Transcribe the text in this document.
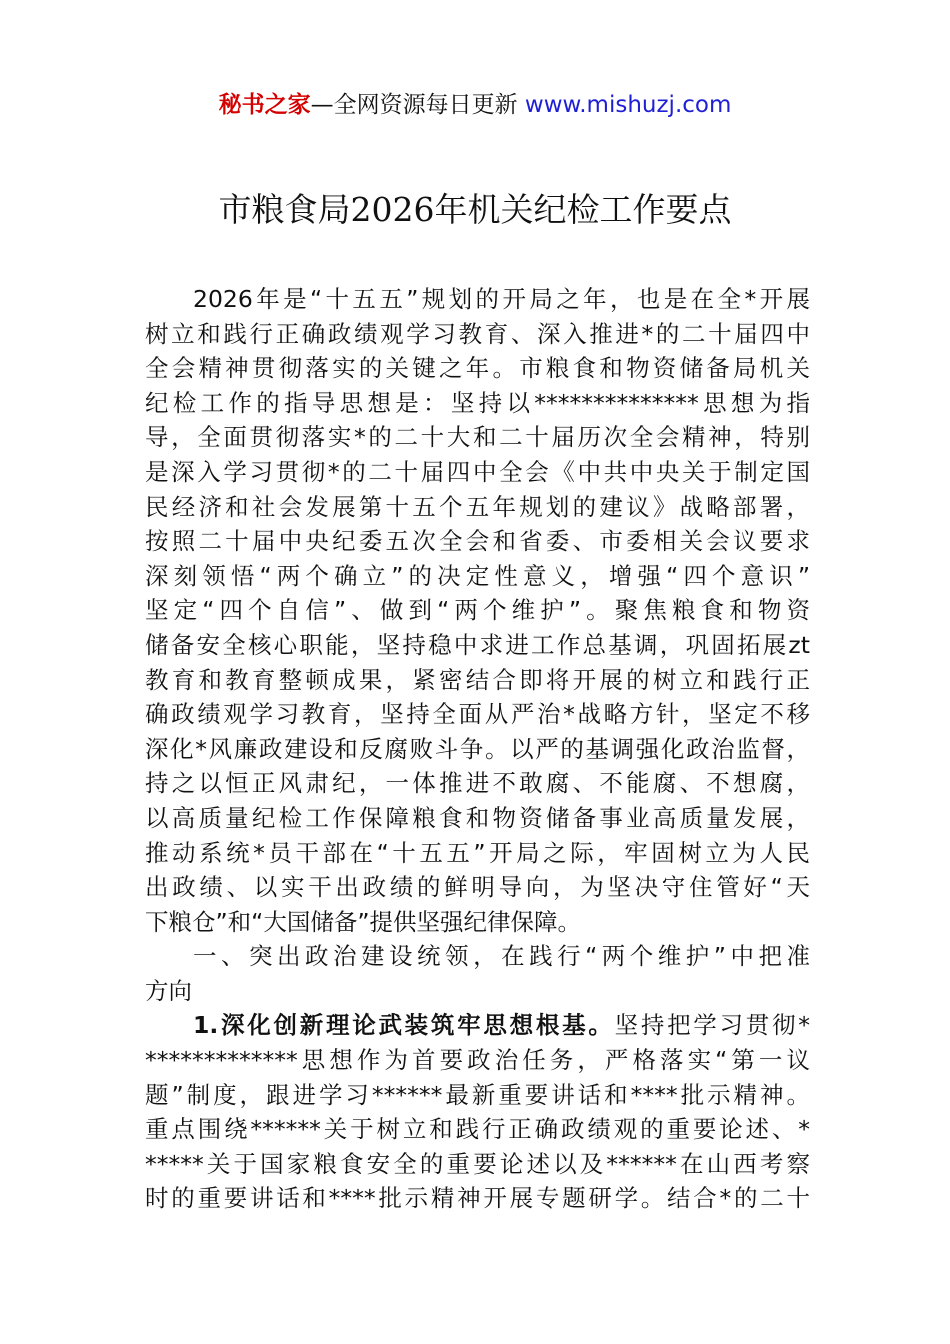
秘书之家—全网资源每日更新 www.mishuzj.com
市粮食局2026年机关纪检工作要点
2026年是“十五五”规划的开局之年，也是在全*开展
树立和践行正确政绩观学习教育、深入推进*的二十届四中
全会精神贯彻落实的关键之年。市粮食和物资储备局机关
纪检工作的指导思想是：坚持以**************思想为指
导，全面贯彻落实*的二十大和二十届历次全会精神，特别
是深入学习贯彻*的二十届四中全会《中共中央关于制定国
民经济和社会发展第十五个五年规划的建议》战略部署，
按照二十届中央纪委五次全会和省委、市委相关会议要求
深刻领悟“两个确立”的决定性意义，增强“四个意识”
坚定“四个自信”、做到“两个维护”。聚焦粮食和物资
储备安全核心职能，坚持稳中求进工作总基调，巩固拓展zt
教育和教育整顿成果，紧密结合即将开展的树立和践行正
确政绩观学习教育，坚持全面从严治*战略方针，坚定不移
深化*风廉政建设和反腐败斗争。以严的基调强化政治监督，
持之以恒正风肃纪，一体推进不敢腐、不能腐、不想腐，
以高质量纪检工作保障粮食和物资储备事业高质量发展，
推动系统*员干部在“十五五”开局之际，牢固树立为人民
出政绩、以实干出政绩的鲜明导向，为坚决守住管好“天
下粮仓”和“大国储备”提供坚强纪律保障。
一、突出政治建设统领，在践行“两个维护”中把准
方向
1.深化创新理论武装筑牢思想根基。坚持把学习贯彻*
*************思想作为首要政治任务，严格落实“第一议
题”制度，跟进学习******最新重要讲话和****批示精神。
重点围绕******关于树立和践行正确政绩观的重要论述、*
*****关于国家粮食安全的重要论述以及******在山西考察
时的重要讲话和****批示精神开展专题研学。结合*的二十
